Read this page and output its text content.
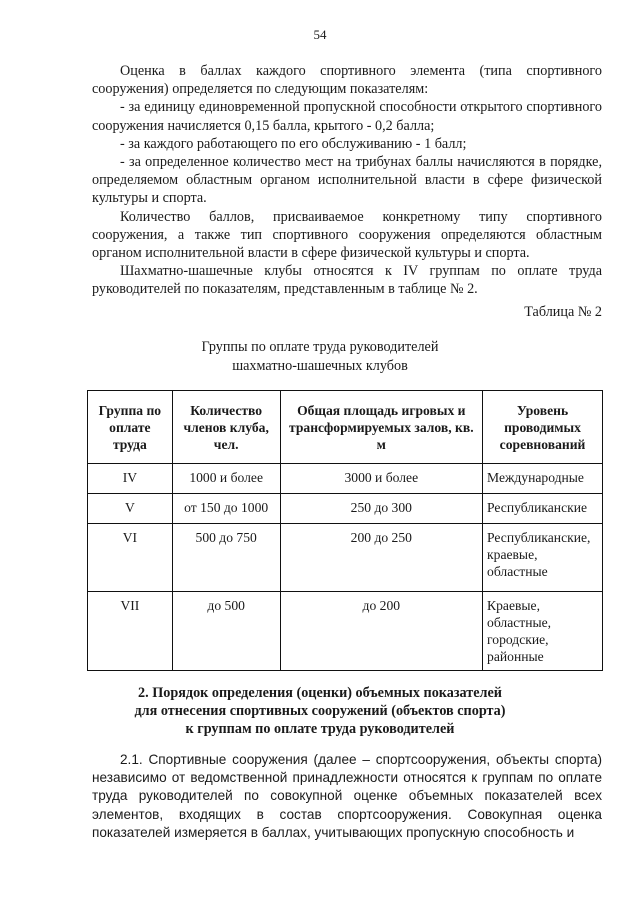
54

Оценка в баллах каждого спортивного элемента (типа спортивного сооружения) определяется по следующим показателям:

- за единицу единовременной пропускной способности открытого спортивного сооружения начисляется 0,15 балла, крытого - 0,2 балла;

- за каждого работающего по его обслуживанию - 1 балл;

- за определенное количество мест на трибунах баллы начисляются в порядке, определяемом областным органом исполнительной власти в сфере физической культуры и спорта.

Количество баллов, присваиваемое конкретному типу спортивного сооружения, а также тип спортивного сооружения определяются областным органом исполнительной власти в сфере физической культуры и спорта.

Шахматно-шашечные клубы относятся к IV группам по оплате труда руководителей по показателям, представленным в таблице № 2.

Таблица № 2
Группы по оплате труда руководителей
шахматно-шашечных клубов
Группа по оплате труда	Количество членов клуба, чел.	Общая площадь игровых и трансформируемых залов, кв. м	Уровень проводимых соревнований
IV	1000 и более	3000 и более	Международные
V	от 150 до 1000	250 до 300	Республиканские
VI	500 до 750	200 до 250	Республиканские, краевые, областные
VII	до 500	до 200	Краевые, областные, городские, районные
2. Порядок определения (оценки) объемных показателей
для отнесения спортивных сооружений (объектов спорта)
к группам по оплате труда руководителей

2.1. Спортивные сооружения (далее – спортсооружения, объекты спорта) независимо от ведомственной принадлежности относятся к группам по оплате труда руководителей по совокупной оценке объемных показателей всех элементов, входящих в состав спортсооружения. Совокупная оценка показателей измеряется в баллах, учитывающих пропускную способность и
